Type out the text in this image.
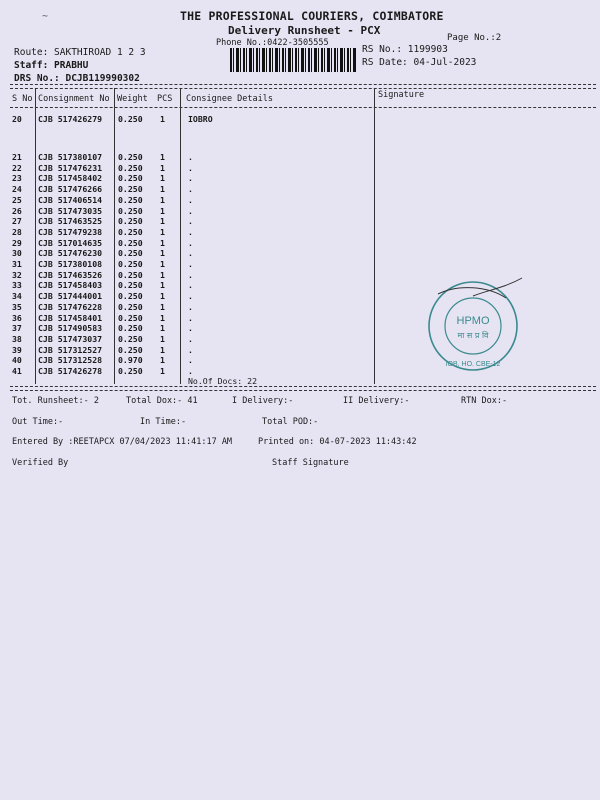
~	THE PROFESSIONAL COURIERS, COIMBATORE
Delivery Runsheet - PCX
Phone No.:0422-3505555	Page No.:2
Route: SAKTHIROAD 1 2 3
Staff: PRABHU
DRS No.: DCJB119990302
RS No.: 1199903
RS Date: 04-Jul-2023
S No Consignment No Weight PCS Consignee Details	Signature
20 CJB 517426279 0.250 1	IOBRO
21 CJB 517380107 0.250 1	.
22 CJB 517476231 0.250 1	.
23 CJB 517458402 0.250 1	.
24 CJB 517476266 0.250 1	.
25 CJB 517406514 0.250 1	.
26 CJB 517473035 0.250 1	.
27 CJB 517463525 0.250 1	.
28 CJB 517479238 0.250 1	.
29 CJB 517014635 0.250 1	.
30 CJB 517476230 0.250 1	.
31 CJB 517380108 0.250 1	.
32 CJB 517463526 0.250 1	.
33 CJB 517458403 0.250 1	.
34 CJB 517444001 0.250 1	.
35 CJB 517476228 0.250 1	.
36 CJB 517458401 0.250 1	.
37 CJB 517490583 0.250 1	.
38 CJB 517473037 0.250 1	.
39 CJB 517312527 0.250 1	.
40 CJB 517312528 0.970 1	.
41 CJB 517426278 0.250 1	.
No.Of Docs: 22
HPMO
मा स प्र वि
IOB, HO. CBE-12
Tot. Runsheet:- 2	Total Dox:- 41	I Delivery:-	II Delivery:-	RTN Dox:-
Out Time:-	In Time:-	Total POD:-
Entered By :REETAPCX 07/04/2023 11:41:17 AM	Printed on: 04-07-2023 11:43:42
Verified By	Staff Signature
